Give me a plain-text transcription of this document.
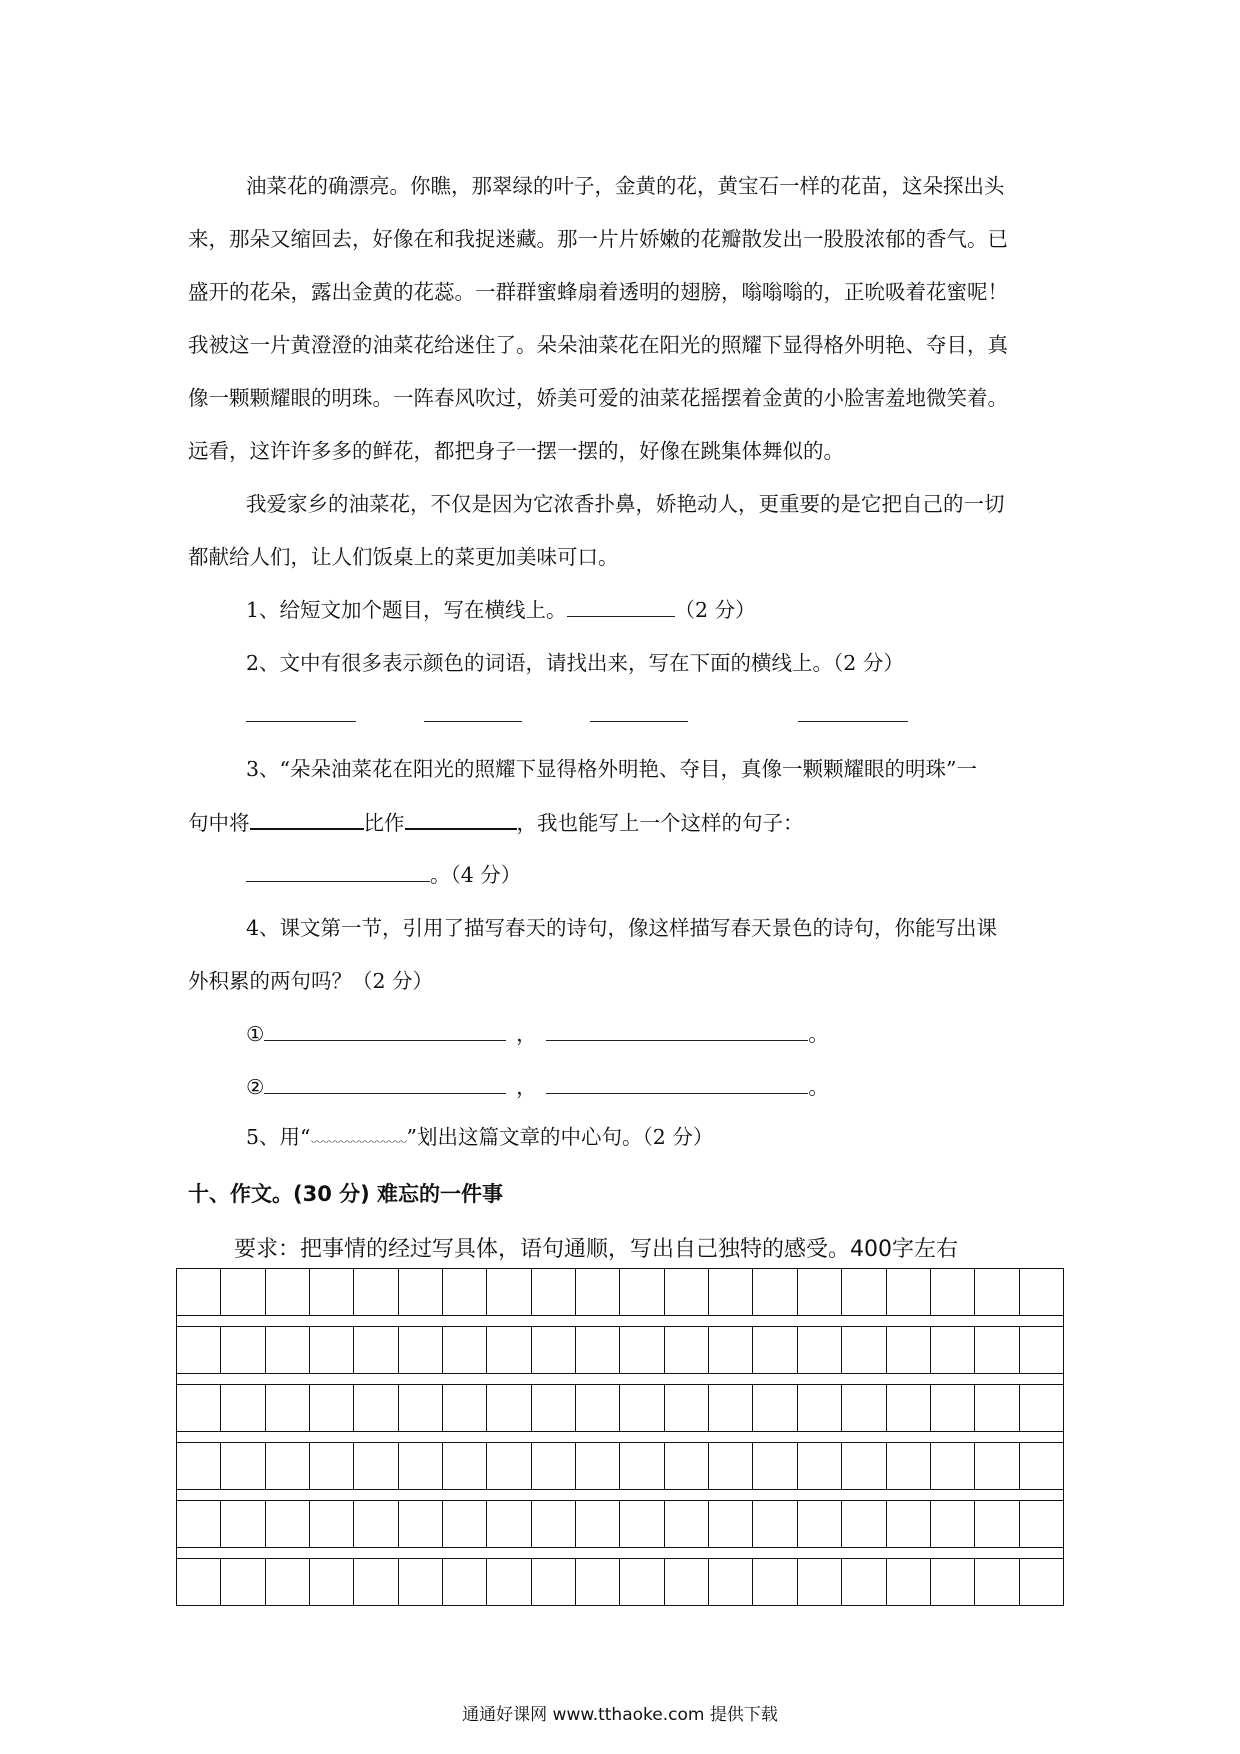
油菜花的确漂亮。你瞧，那翠绿的叶子，金黄的花，黄宝石一样的花苗，这朵探出头
来，那朵又缩回去，好像在和我捉迷藏。那一片片娇嫩的花瓣散发出一股股浓郁的香气。已
盛开的花朵，露出金黄的花蕊。一群群蜜蜂扇着透明的翅膀，嗡嗡嗡的，正吮吸着花蜜呢！
我被这一片黄澄澄的油菜花给迷住了。朵朵油菜花在阳光的照耀下显得格外明艳、夺目，真
像一颗颗耀眼的明珠。一阵春风吹过，娇美可爱的油菜花摇摆着金黄的小脸害羞地微笑着。
远看，这许许多多的鲜花，都把身子一摆一摆的，好像在跳集体舞似的。
我爱家乡的油菜花，不仅是因为它浓香扑鼻，娇艳动人，更重要的是它把自己的一切
都献给人们，让人们饭桌上的菜更加美味可口。
1、给短文加个题目，写在横线上。	（2 分）
2、文中有很多表示颜色的词语，请找出来，写在下面的横线上。（2 分）
3、“朵朵油菜花在阳光的照耀下显得格外明艳、夺目，真像一颗颗耀眼的明珠”一
句中将	比作	，我也能写上一个这样的句子：
。（4 分）
4、课文第一节，引用了描写春天的诗句，像这样描写春天景色的诗句，你能写出课
外积累的两句吗？（2 分）
①	，	。
②	，	。
5、用“	”划出这篇文章的中心句。（2 分）
十、作文。(30 分) 难忘的一件事
要求：把事情的经过写具体，语句通顺，写出自己独特的感受。400字左右
通通好课网 www.tthaoke.com 提供下载
